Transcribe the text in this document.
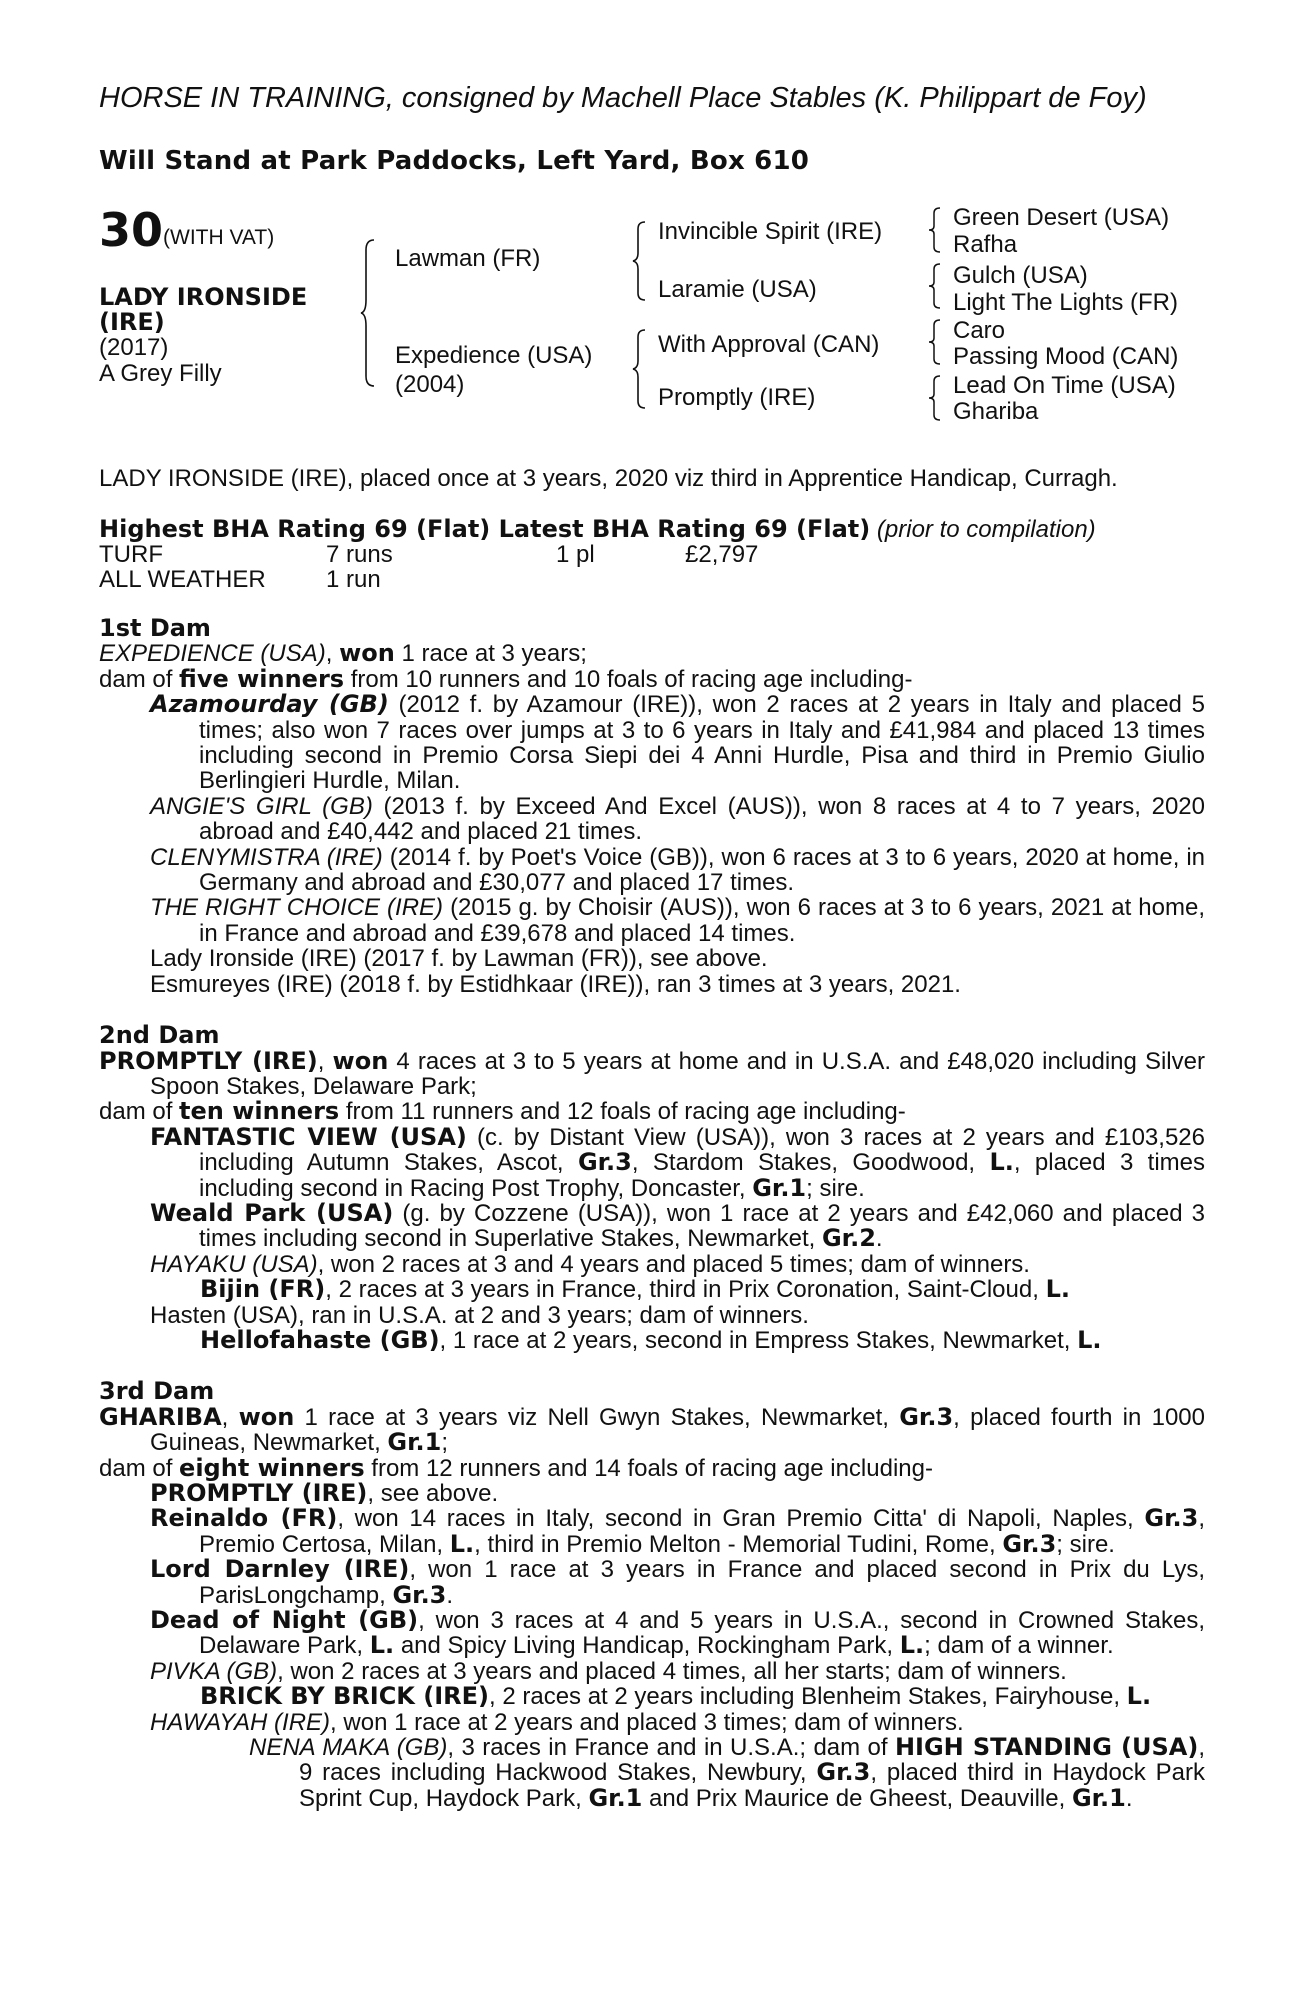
HORSE IN TRAINING, consigned by Machell Place Stables (K. Philippart de Foy)
Will Stand at Park Paddocks, Left Yard, Box 610
30 (WITH VAT)
LADY IRONSIDE
(IRE)
(2017)
A Grey Filly
Lawman (FR)
Expedience (USA)
(2004)
Invincible Spirit (IRE)
Laramie (USA)
With Approval (CAN)
Promptly (IRE)
Green Desert (USA)
Rafha
Gulch (USA)
Light The Lights (FR)
Caro
Passing Mood (CAN)
Lead On Time (USA)
Ghariba
LADY IRONSIDE (IRE), placed once at 3 years, 2020 viz third in Apprentice Handicap, Curragh.
Highest BHA Rating 69 (Flat) Latest BHA Rating 69 (Flat) (prior to compilation)
TURF	7 runs	1 pl	£2,797
ALL WEATHER	1 run
1st Dam
EXPEDIENCE (USA), won 1 race at 3 years;
dam of five winners from 10 runners and 10 foals of racing age including-
Azamourday (GB) (2012 f. by Azamour (IRE)), won 2 races at 2 years in Italy and placed 5 times; also won 7 races over jumps at 3 to 6 years in Italy and £41,984 and placed 13 times including second in Premio Corsa Siepi dei 4 Anni Hurdle, Pisa and third in Premio Giulio Berlingieri Hurdle, Milan.
ANGIE'S GIRL (GB) (2013 f. by Exceed And Excel (AUS)), won 8 races at 4 to 7 years, 2020 abroad and £40,442 and placed 21 times.
CLENYMISTRA (IRE) (2014 f. by Poet's Voice (GB)), won 6 races at 3 to 6 years, 2020 at home, in Germany and abroad and £30,077 and placed 17 times.
THE RIGHT CHOICE (IRE) (2015 g. by Choisir (AUS)), won 6 races at 3 to 6 years, 2021 at home, in France and abroad and £39,678 and placed 14 times.
Lady Ironside (IRE) (2017 f. by Lawman (FR)), see above.
Esmureyes (IRE) (2018 f. by Estidhkaar (IRE)), ran 3 times at 3 years, 2021.
2nd Dam
PROMPTLY (IRE), won 4 races at 3 to 5 years at home and in U.S.A. and £48,020 including Silver Spoon Stakes, Delaware Park;
dam of ten winners from 11 runners and 12 foals of racing age including-
FANTASTIC VIEW (USA) (c. by Distant View (USA)), won 3 races at 2 years and £103,526 including Autumn Stakes, Ascot, Gr.3, Stardom Stakes, Goodwood, L., placed 3 times including second in Racing Post Trophy, Doncaster, Gr.1; sire.
Weald Park (USA) (g. by Cozzene (USA)), won 1 race at 2 years and £42,060 and placed 3 times including second in Superlative Stakes, Newmarket, Gr.2.
HAYAKU (USA), won 2 races at 3 and 4 years and placed 5 times; dam of winners.
Bijin (FR), 2 races at 3 years in France, third in Prix Coronation, Saint-Cloud, L.
Hasten (USA), ran in U.S.A. at 2 and 3 years; dam of winners.
Hellofahaste (GB), 1 race at 2 years, second in Empress Stakes, Newmarket, L.
3rd Dam
GHARIBA, won 1 race at 3 years viz Nell Gwyn Stakes, Newmarket, Gr.3, placed fourth in 1000 Guineas, Newmarket, Gr.1;
dam of eight winners from 12 runners and 14 foals of racing age including-
PROMPTLY (IRE), see above.
Reinaldo (FR), won 14 races in Italy, second in Gran Premio Citta' di Napoli, Naples, Gr.3, Premio Certosa, Milan, L., third in Premio Melton - Memorial Tudini, Rome, Gr.3; sire.
Lord Darnley (IRE), won 1 race at 3 years in France and placed second in Prix du Lys, ParisLongchamp, Gr.3.
Dead of Night (GB), won 3 races at 4 and 5 years in U.S.A., second in Crowned Stakes, Delaware Park, L. and Spicy Living Handicap, Rockingham Park, L.; dam of a winner.
PIVKA (GB), won 2 races at 3 years and placed 4 times, all her starts; dam of winners.
BRICK BY BRICK (IRE), 2 races at 2 years including Blenheim Stakes, Fairyhouse, L.
HAWAYAH (IRE), won 1 race at 2 years and placed 3 times; dam of winners.
NENA MAKA (GB), 3 races in France and in U.S.A.; dam of HIGH STANDING (USA), 9 races including Hackwood Stakes, Newbury, Gr.3, placed third in Haydock Park Sprint Cup, Haydock Park, Gr.1 and Prix Maurice de Gheest, Deauville, Gr.1.
